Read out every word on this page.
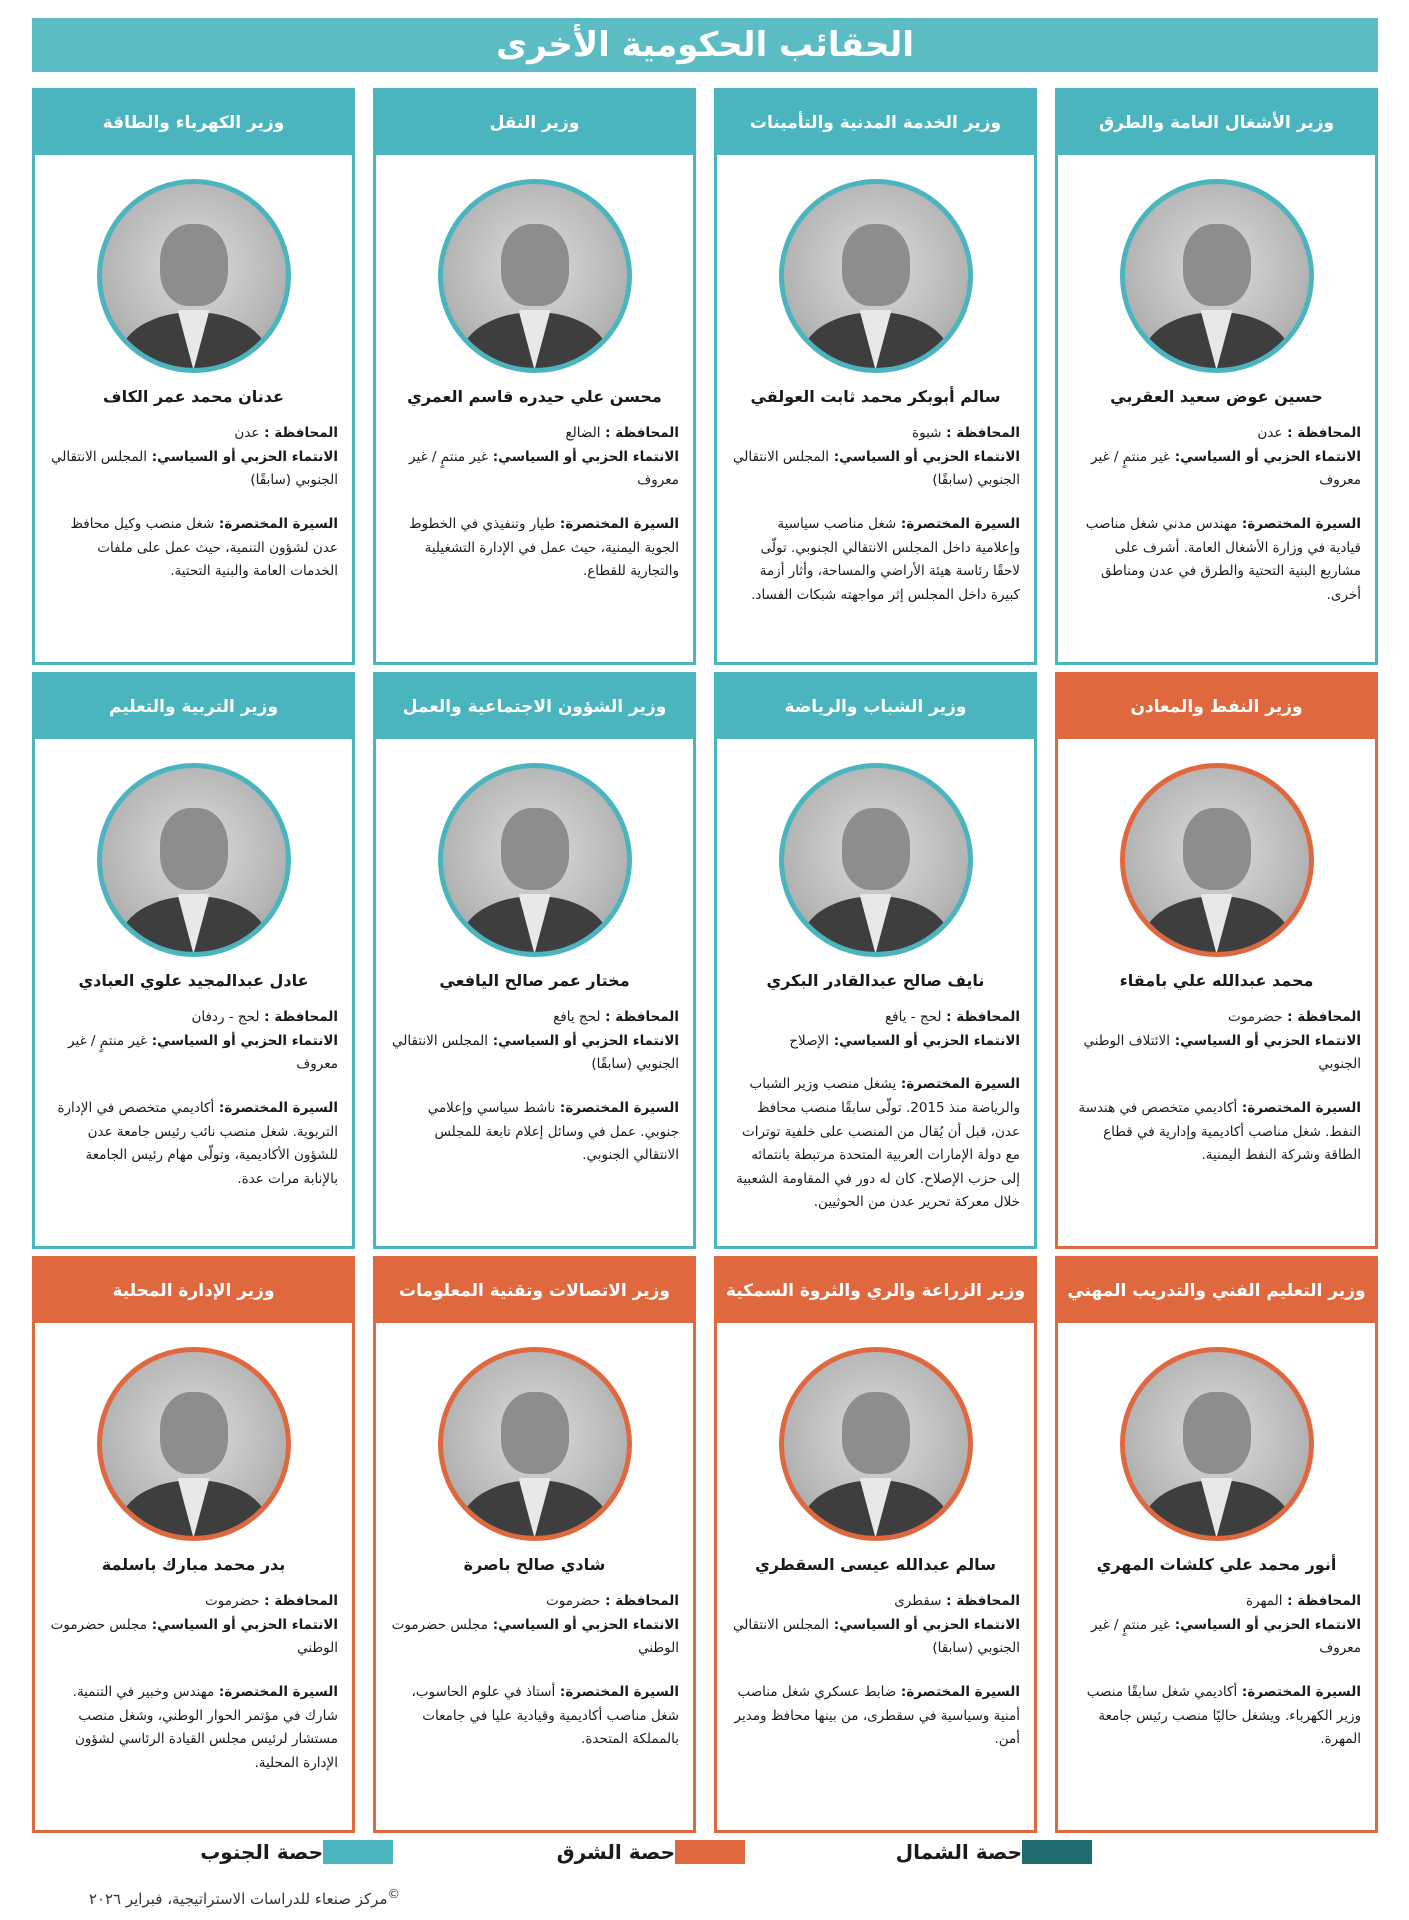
الحقائب الحكومية الأخرى
وزير الأشغال العامة والطرق
حسين عوض سعيد العقربي
المحافظة : عدن
الانتماء الحزبي أو السياسي: غير منتمٍ / غير معروف
السيرة المختصرة: مهندس مدني شغل مناصب قيادية في وزارة الأشغال العامة. أشرف على مشاريع البنية التحتية والطرق في عدن ومناطق أخرى.
وزير الخدمة المدنية والتأمينات
سالم أبوبكر محمد ثابت العولقي
المحافظة : شبوة
الانتماء الحزبي أو السياسي: المجلس الانتقالي الجنوبي (سابقًا)
السيرة المختصرة: شغل مناصب سياسية وإعلامية داخل المجلس الانتقالي الجنوبي. تولّى لاحقًا رئاسة هيئة الأراضي والمساحة، وأثار أزمة كبيرة داخل المجلس إثر مواجهته شبكات الفساد.
وزير النقل
محسن علي حيدره قاسم العمري
المحافظة : الضالع
الانتماء الحزبي أو السياسي: غير منتمٍ / غير معروف
السيرة المختصرة: طيار وتنفيذي في الخطوط الجوية اليمنية، حيث عمل في الإدارة التشغيلية والتجارية للقطاع.
وزير الكهرباء والطاقة
عدنان محمد عمر الكاف
المحافظة : عدن
الانتماء الحزبي أو السياسي: المجلس الانتقالي الجنوبي (سابقًا)
السيرة المختصرة: شغل منصب وكيل محافظ عدن لشؤون التنمية، حيث عمل على ملفات الخدمات العامة والبنية التحتية.
وزير النفط والمعادن
محمد عبدالله علي بامقاء
المحافظة : حضرموت
الانتماء الحزبي أو السياسي: الائتلاف الوطني الجنوبي
السيرة المختصرة: أكاديمي متخصص في هندسة النفط. شغل مناصب أكاديمية وإدارية في قطاع الطاقة وشركة النفط اليمنية.
وزير الشباب والرياضة
نايف صالح عبدالقادر البكري
المحافظة : لحج - يافع
الانتماء الحزبي أو السياسي: الإصلاح
السيرة المختصرة: يشغل منصب وزير الشباب والرياضة منذ 2015. تولّى سابقًا منصب محافظ عدن، قبل أن يُقال من المنصب على خلفية توترات مع دولة الإمارات العربية المتحدة مرتبطة بانتمائه إلى حزب الإصلاح. كان له دور في المقاومة الشعبية خلال معركة تحرير عدن من الحوثيين.
وزير الشؤون الاجتماعية والعمل
مختار عمر صالح اليافعي
المحافظة : لحج يافع
الانتماء الحزبي أو السياسي: المجلس الانتقالي الجنوبي (سابقًا)
السيرة المختصرة: ناشط سياسي وإعلامي جنوبي. عمل في وسائل إعلام تابعة للمجلس الانتقالي الجنوبي.
وزير التربية والتعليم
عادل عبدالمجيد علوي العبادي
المحافظة : لحج - ردفان
الانتماء الحزبي أو السياسي: غير منتمٍ / غير معروف
السيرة المختصرة: أكاديمي متخصص في الإدارة التربوية. شغل منصب نائب رئيس جامعة عدن للشؤون الأكاديمية، وتولّى مهام رئيس الجامعة بالإنابة مرات عدة.
وزير التعليم الفني والتدريب المهني
أنور محمد علي كلشات المهري
المحافظة : المهرة
الانتماء الحزبي أو السياسي: غير منتمٍ / غير معروف
السيرة المختصرة: أكاديمي شغل سابقًا منصب وزير الكهرباء. ويشغل حاليًا منصب رئيس جامعة المهرة.
وزير الزراعة والري والثروة السمكية
سالم عبدالله عيسى السقطري
المحافظة : سقطرى
الانتماء الحزبي أو السياسي: المجلس الانتقالي الجنوبي (سابقا)
السيرة المختصرة: ضابط عسكري شغل مناصب أمنية وسياسية في سقطرى، من بينها محافظ ومدير أمن.
وزير الاتصالات وتقنية المعلومات
شادي صالح باصرة
المحافظة : حضرموت
الانتماء الحزبي أو السياسي: مجلس حضرموت الوطني
السيرة المختصرة: أستاذ في علوم الحاسوب، شغل مناصب أكاديمية وقيادية عليا في جامعات بالمملكة المتحدة.
وزير الإدارة المحلية
بدر محمد مبارك باسلمة
المحافظة : حضرموت
الانتماء الحزبي أو السياسي: مجلس حضرموت الوطني
السيرة المختصرة: مهندس وخبير في التنمية. شارك في مؤتمر الحوار الوطني، وشغل منصب مستشار لرئيس مجلس القيادة الرئاسي لشؤون الإدارة المحلية.
حصة الجنوب	حصة الشرق	حصة الشمال
©مركز صنعاء للدراسات الاستراتيجية، فبراير ٢٠٢٦
